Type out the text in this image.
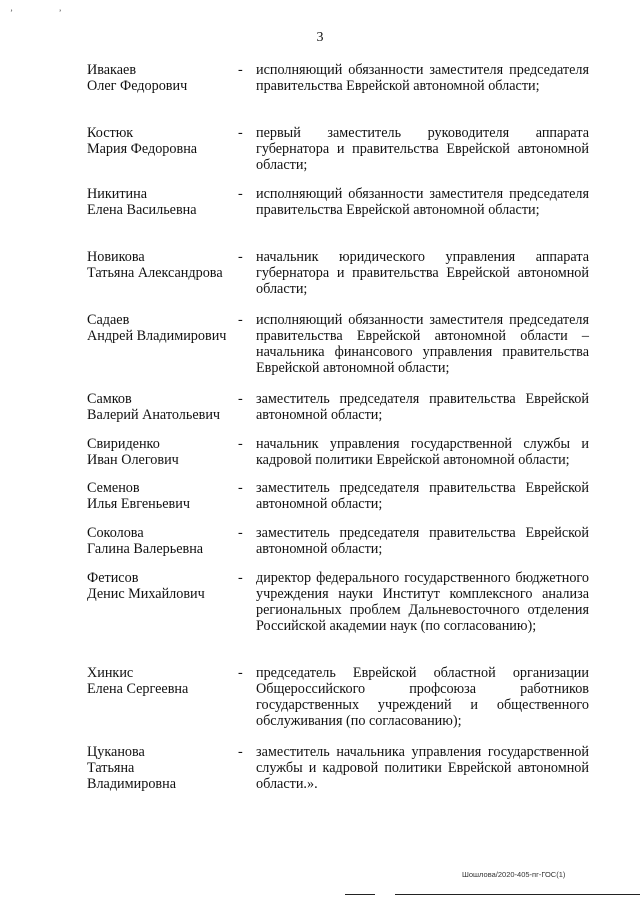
’ ’
3
Ивакаев
Олег Федорович
- исполняющий обязанности заместителя председателя правительства Еврейской автономной области;
Костюк
Мария Федоровна
- первый заместитель руководителя аппарата губернатора и правительства Еврейской автономной области;
Никитина
Елена Васильевна
- исполняющий обязанности заместителя председателя правительства Еврейской автономной области;
Новикова
Татьяна Александрова
- начальник юридического управления аппарата губернатора и правительства Еврейской автономной области;
Садаев
Андрей Владимирович
- исполняющий обязанности заместителя председателя правительства Еврейской автономной области – начальника финансового управления правительства Еврейской автономной области;
Самков
Валерий Анатольевич
- заместитель председателя правительства Еврейской автономной области;
Свириденко
Иван Олегович
- начальник управления государственной службы и кадровой политики Еврейской автономной области;
Семенов
Илья Евгеньевич
- заместитель председателя правительства Еврейской автономной области;
Соколова
Галина Валерьевна
- заместитель председателя правительства Еврейской автономной области;
Фетисов
Денис Михайлович
- директор федерального государственного бюджетного учреждения науки Институт комплексного анализа региональных проблем Дальневосточного отделения Российской академии наук (по согласованию);
Хинкис
Елена Сергеевна
- председатель Еврейской областной организации Общероссийского профсоюза работников государственных учреждений и общественного обслуживания (по согласованию);
Цуканова
Татьяна
Владимировна
- заместитель начальника управления государственной службы и кадровой политики Еврейской автономной области.».
Шошлова/2020-405-пг-ГОС(1)
